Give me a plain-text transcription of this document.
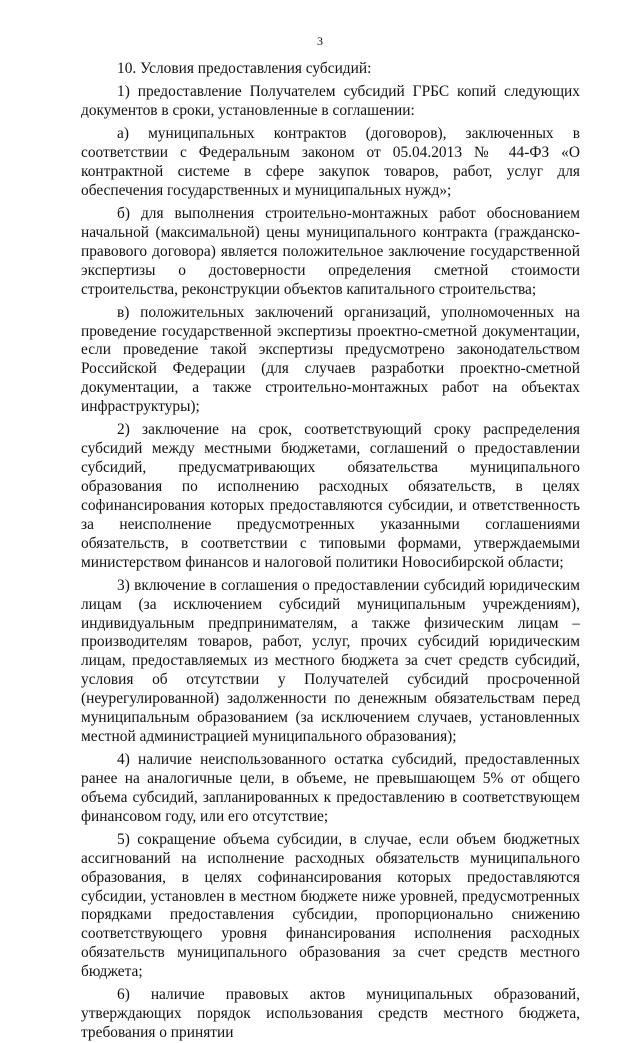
3

10. Условия предоставления субсидий:

1) предоставление Получателем субсидий ГРБС копий следующих документов в сроки, установленные в соглашении:

а) муниципальных контрактов (договоров), заключенных в соответствии с Федеральным законом от 05.04.2013 № 44-ФЗ «О контрактной системе в сфере закупок товаров, работ, услуг для обеспечения государственных и муниципальных нужд»;

б) для выполнения строительно-монтажных работ обоснованием начальной (максимальной) цены муниципального контракта (гражданско-правового договора) является положительное заключение государственной экспертизы о достоверности определения сметной стоимости строительства, реконструкции объектов капитального строительства;

в) положительных заключений организаций, уполномоченных на проведение государственной экспертизы проектно-сметной документации, если проведение такой экспертизы предусмотрено законодательством Российской Федерации (для случаев разработки проектно-сметной документации, а также строительно-монтажных работ на объектах инфраструктуры);

2) заключение на срок, соответствующий сроку распределения субсидий между местными бюджетами, соглашений о предоставлении субсидий, предусматривающих обязательства муниципального образования по исполнению расходных обязательств, в целях софинансирования которых предоставляются субсидии, и ответственность за неисполнение предусмотренных указанными соглашениями обязательств, в соответствии с типовыми формами, утверждаемыми министерством финансов и налоговой политики Новосибирской области;

3) включение в соглашения о предоставлении субсидий юридическим лицам (за исключением субсидий муниципальным учреждениям), индивидуальным предпринимателям, а также физическим лицам – производителям товаров, работ, услуг, прочих субсидий юридическим лицам, предоставляемых из местного бюджета за счет средств субсидий, условия об отсутствии у Получателей субсидий просроченной (неурегулированной) задолженности по денежным обязательствам перед муниципальным образованием (за исключением случаев, установленных местной администрацией муниципального образования);

4) наличие неиспользованного остатка субсидий, предоставленных ранее на аналогичные цели, в объеме, не превышающем 5% от общего объема субсидий, запланированных к предоставлению в соответствующем финансовом году, или его отсутствие;

5) сокращение объема субсидии, в случае, если объем бюджетных ассигнований на исполнение расходных обязательств муниципального образования, в целях софинансирования которых предоставляются субсидии, установлен в местном бюджете ниже уровней, предусмотренных порядками предоставления субсидии, пропорционально снижению соответствующего уровня финансирования исполнения расходных обязательств муниципального образования за счет средств местного бюджета;

6) наличие правовых актов муниципальных образований, утверждающих порядок использования средств местного бюджета, требования о принятии
